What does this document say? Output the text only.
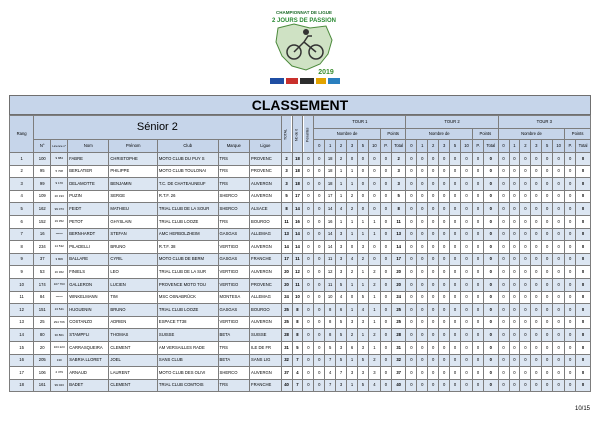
CHAMPIONNAT DE LIGUE
2 JOURS DE PASSION
2019
CLASSEMENT
Rang	Sénior 2							TOTAL	Nb de 0	Pénalités	TOUR 1								TOUR 2								TOUR 3							
											Nombre de						Points		Nombre de						Points		Nombre de						Points	
	N°	Licence n°	Nom	Prénom	Club	Marque	Ligue				0	1	2	3	5	10	P.	Total	0	1	2	3	5	10	P.	Total	0	1	2	3	5	10	P.	Total
1	100	9 884	FABRE	CHRISTOPHE	MOTO CLUB DU PUY S	TRS	PROVENC	2	18	0	0	18	2	0	0	0	0	2	0	0	0	0	0	0	0	0	0	0	0	0	0	0	0	0
2	95	5 708	BERLATIER	PHILIPPE	MOTO CLUB TOULONAI	TRS	PROVENC	3	18	0	0	18	1	1	0	0	0	3	0	0	0	0	0	0	0	0	0	0	0	0	0	0	0	0
3	99	9 170	DELAMOTTE	BENJAMIN	T.C. DE CHATEAUNEUF	TRS	AUVERGN	3	18	0	0	18	1	1	0	0	0	3	0	0	0	0	0	0	0	0	0	0	0	0	0	0	0	0
4	109	20 193	PUZIN	SERGE	R.T.F. 26	SHERCO	AUVERGN	5	17	0	0	17	1	2	0	0	0	5	0	0	0	0	0	0	0	0	0	0	0	0	0	0	0	0
5	162	99 073	FEIDT	MATHIEU	TRIAL CLUB DE LA SOUR	SHERCO	ALSACE	8	14	0	0	14	4	2	0	0	0	8	0	0	0	0	0	0	0	0	0	0	0	0	0	0	0	0
6	152	19 352	PETOT	GHYSLAIN	TRIAL CLUB LOOZE	TRS	BOURGO	11	16	0	0	16	1	1	1	1	0	11	0	0	0	0	0	0	0	0	0	0	0	0	0	0	0	0
7	16	******	BERNHARDT	STEFAN	AMC HERBOLZHEIM	GASGAS	ALLEMAG	13	14	0	0	14	3	1	1	1	0	13	0	0	0	0	0	0	0	0	0	0	0	0	0	0	0	0
8	234	14 532	PILADELLI	BRUNO	R.T.F. 38	VERTIGO	AUVERGN	14	14	0	0	14	3	0	3	0	0	14	0	0	0	0	0	0	0	0	0	0	0	0	0	0	0	0
9	37	3 806	BALLARE	CYRIL	MOTO CLUB DE BERM	GASGAS	FRANCHE	17	11	0	0	11	3	4	2	0	0	17	0	0	0	0	0	0	0	0	0	0	0	0	0	0	0	0
9	53	16 362	FINIELS	LEO	TRIAL CLUB DE LA SUR	VERTIGO	AUVERGN	20	12	0	0	12	3	2	1	2	0	20	0	0	0	0	0	0	0	0	0	0	0	0	0	0	0	0
10	174	107 763	GALLERON	LUCIEN	PROVENCE MOTO TOU	VERTIGO	PROVENC	20	11	0	0	11	5	1	1	2	0	20	0	0	0	0	0	0	0	0	0	0	0	0	0	0	0	0
11	84	******	WINKELMANN	TIM	MSC OSNABRÜCK	MONTESA	ALLEMAG	24	10	0	0	10	4	0	5	1	0	24	0	0	0	0	0	0	0	0	0	0	0	0	0	0	0	0
12	151	13 541	HUGUENIN	BRUNO	TRIAL CLUB LOOZE	GASGAS	BOURGO	25	8	0	0	8	6	1	4	1	0	25	0	0	0	0	0	0	0	0	0	0	0	0	0	0	0	0
13	25	294 706	COSTANZO	ADRIEN	ESPACE TT38	VERTIGO	AUVERGN	25	8	0	0	8	5	3	3	1	0	25	0	0	0	0	0	0	0	0	0	0	0	0	0	0	0	0
14	80	30 801	STAMPFLI	THOMAS	SUISSE	BETA	SUISSE	28	8	0	0	8	5	2	1	2	0	28	0	0	0	0	0	0	0	0	0	0	0	0	0	0	0	0
15	20	163 223	CARRASQUEIRA	CLEMENT	AM VERSAILLES RADE	TRS	ILE DE FR	31	5	0	0	5	3	6	3	1	0	31	0	0	0	0	0	0	0	0	0	0	0	0	0	0	0	0
16	205	130	SABRIA LLORET	JOEL	SANS CLUB	BETA	SANS LIG	32	7	0	0	7	5	1	5	2	0	32	0	0	0	0	0	0	0	0	0	0	0	0	0	0	0	0
17	106	2 379	ARNAUD	LAURENT	MOTO CLUB DES OLIVI	SHERCO	AUVERGN	37	4	0	0	4	7	3	3	3	0	37	0	0	0	0	0	0	0	0	0	0	0	0	0	0	0	0
18	161	99 023	BADET	CLEMENT	TRIAL CLUB COMTOIS	TRS	FRANCHE	40	7	0	0	7	3	1	5	4	0	40	0	0	0	0	0	0	0	0	0	0	0	0	0	0	0	0
10/15
